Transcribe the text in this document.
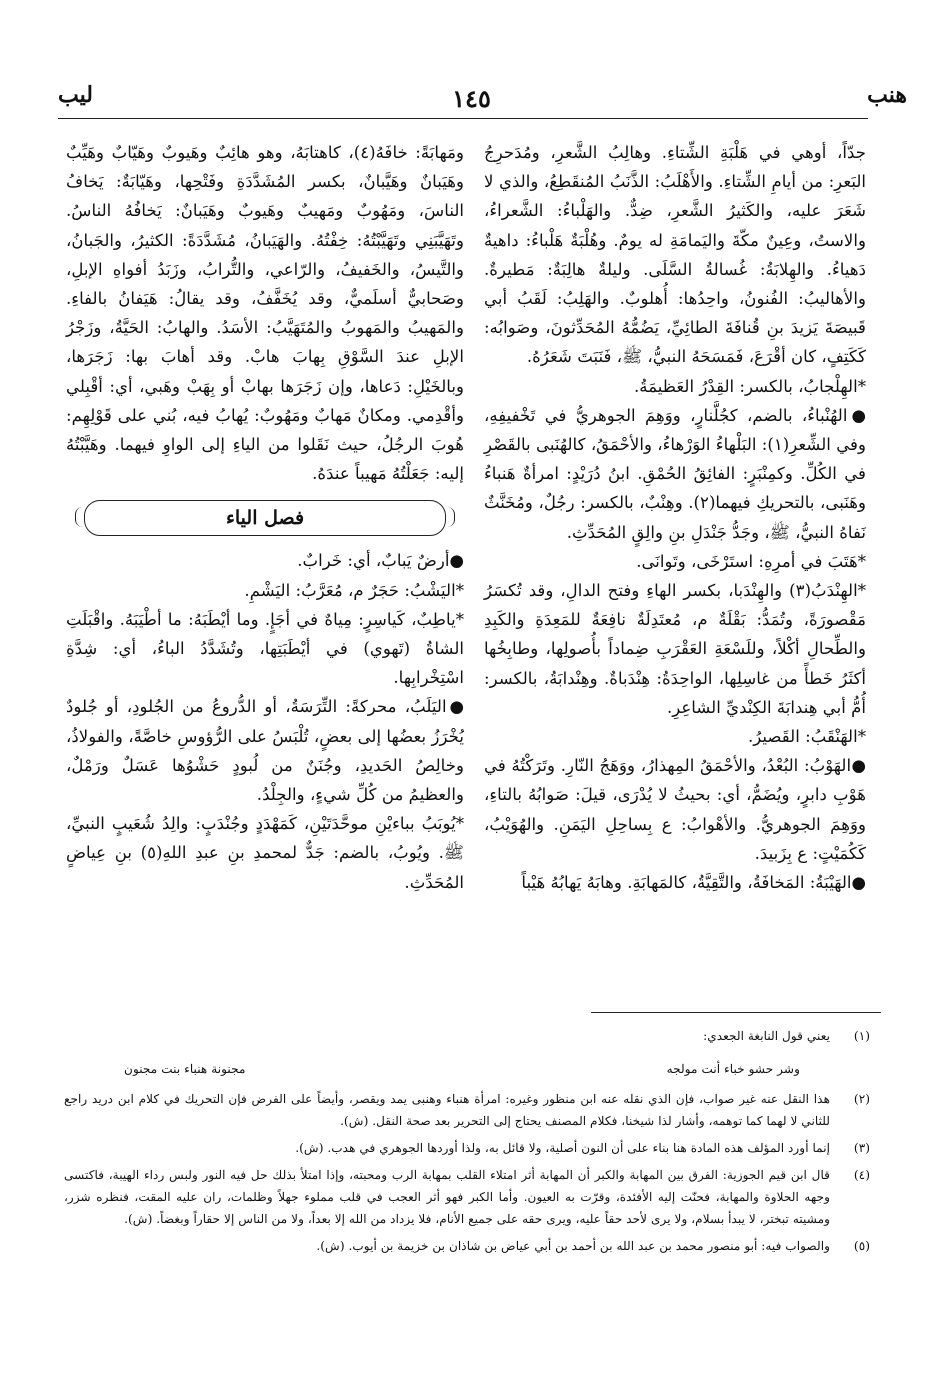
هنب
١٤٥
ليب

جدّاً، أوهي في هَلْبَةِ الشِّتاءِ. وهالِبُ الشَّعرِ، ومُدَحرِجُ البَعرِ: من أيامِ الشِّتاءِ. والأَهْلَبُ: الذَّنَبُ المُنقَطِعُ، والذي لا شَعَرَ عليه، والكَثيرُ الشَّعرِ، ضِدٌّ. والهَلْباءُ: الشَّعراءُ، والاستُ، وعِينٌ مكّةَ واليَمامَةِ له يومٌ. وهُلْبَةٌ هَلْباءُ: داهيةٌ دَهياءُ. والهِلابَةُ: غُسالةُ السَّلَى. وليلةٌ هالِبَةٌ: مَطيرةٌ. والأهاليبُ: الفُنونُ، واحِدُها: أُهلوبٌ. والهَلِبُ: لَقَبُ أبي قَبيصَةَ يَزيدَ بنِ قُنافَةَ الطائِيِّ، يَضُمُّهُ المُحَدِّثونَ، وصَوابُه: كَكَتِفٍ، كان أقْرَعَ، فَمَسَحَهُ النبيُّ، ﷺ، فَنَبَتَ شَعَرُهُ.

*الهِلْجابُ، بالكسر: القِدْرُ العَظيمَةُ.

●الهُنْباءُ، بالضم، كجُلَّنارٍ، ووَهِمَ الجوهريُّ في تَخْفيفِهِ، وفي الشِّعرِ(١): البَلْهاءُ الوَرْهاءُ، والأحْمَقُ، كالهُنَبى بالقَصْرِ في الكُلِّ. وكمِنْبَرٍ: الفائِقُ الحُمْقِ. ابنُ دُرَيْدٍ: امرأةٌ هَنباءُ وهَنَبى، بالتحريكِ فيهما(٢). وهِنْبٌ، بالكسر: رجُلٌ، ومُخَنَّثٌ نَفاهُ النبيُّ، ﷺ، وجَدُّ جَنْدَلِ بنِ والِقٍ المُحَدِّثِ.

*هَتَبَ في أمرِهِ: استَرْخَى، وتَوانَى.

*الهِنْدَبُ(٣) والهِنْدَبا، بكسر الهاءِ وفتح الدالِ، وقد تُكسَرُ مَقْصورَةً، وتُمَدُّ: بَقْلَةٌ م، مُعتَدِلَةٌ نافِعَةٌ للمَعِدَةِ والكَبِدِ والطِّحالِ أكْلاً، وللَسْعَةِ العَقْرَبِ ضِماداً بأُصولِها، وطابِخُها أكثَرُ خَطأً من غاسِلِها، الواحِدَةُ: هِنْدَباةٌ. وهِنْدابَةُ، بالكسر: أُمُّ أبي هِندابَةَ الكِنْديِّ الشاعِرِ.

*الهَنْقَبُ: القَصيرُ.

●الهَوْبُ: البُعْدُ، والأحْمَقُ المِهذارُ، ووَهَجُ النّارِ. وتَرَكْتُهُ في هَوْبِ دابرٍ، ويُضَمُّ، أي: بحيثُ لا يُدْرَى، قيلَ: صَوابُهُ بالتاءِ، ووَهِمَ الجوهريُّ. والأهْوابُ: ع بِساحِلِ اليَمَنِ. والهُوَيْبُ، كَكُمَيْتٍ: ع بِزَبيدَ.

●الهَيْبَةُ: المَخافَةُ، والتَّقِيَّةُ، كالمَهابَةِ. وهابَهُ يَهابُهُ هَيْباً

ومَهابَةً: خافَهُ(٤)، كاهتابَهُ، وهو هائِبٌ وهَيوبٌ وهَيّابٌ وهَيِّبٌ وهَيَبانٌ وهَيَّبانٌ، بكسر المُشَدَّدَةِ وفَتْحِها، وهَيّابَةٌ: يَخافُ الناسَ، ومَهُوبٌ ومَهيبٌ وهَيوبٌ وهَيَبانٌ: يَخافُهُ الناسُ. وتَهَيَّبَنِي وتَهَيَّبْتُهُ: خِفْتُهُ. والهَيَبانُ، مُشَدَّدَةً: الكثيرُ، والجَبانُ، والتَّيسُ، والخَفيفُ، والرّاعي، والتُّرابُ، وزَبَدُ أفواهِ الإبلِ، وصَحابيٌّ أسلَميٌّ، وقد يُخَفَّفُ، وقد يقالُ: هَيَفانُ بالفاءِ. والمَهيبُ والمَهوبُ والمُتَهَيَّبُ: الأسَدُ. والهابُ: الحَيَّةُ، وزَجْرُ الإبلِ عندَ السَّوْقِ بِهابَ هابْ. وقد أهابَ بها: زَجَرَها، وبالخَيْلِ: دَعاها، وإن زَجَرَها بهابْ أو بِهَبْ وهَبي، أي: أقْبِلي وأقْدِمي. ومكانٌ مَهابٌ ومَهُوبٌ: يُهابُ فيه، بُني على قَوْلِهِم: هُوبَ الرجُلُ، حيث نَقَلوا من الياءِ إلى الواوِ فيهما. وهَيَّبْتُهُ إليه: جَعَلْتُهُ مَهيباً عندَهُ.

فصل الياء

●أرضٌ يَبابٌ، أي: خَرابٌ.

*اليَشْبُ: حَجَرٌ م، مُعَرَّبُ: اليَشْمِ.

*ياطِبٌ، كَياسِرٍ: مِياهٌ في أجَإٍ. وما أيْطَبَهُ: ما أطْيَبَهُ. واقْبَلَتِ الشاةُ (تَهوي) في أيْطَبَتِها، وتُشَدَّدُ الباءُ، أي: شِدَّةِ اسْتِخْرابِها.

●اليَلَبُ، محركةً: التِّرَسَةُ، أو الدُّروعُ من الجُلودِ، أو جُلودٌ يُخْرَزُ بعضُها إلى بعضٍ، تُلْبَسُ على الرُّؤوسِ خاصَّةً، والفولاذُ، وخالِصُ الحَديدِ، وجُنَنٌ من لُبودٍ حَشْوُها عَسَلٌ ورَمْلٌ، والعظيمُ من كُلِّ شيءٍ، والجِلْدُ.

*يُوبَبُ بباءيْنِ موحَّدَتَيْنِ، كَمَهْدَدٍ وجُنْدَبٍ: والِدُ شُعَيبٍ النبيِّ، ﷺ. ويُوبُ، بالضم: جَدٌّ لمحمدِ بنِ عبدِ اللهِ(٥) بنِ عِياضٍ المُحَدِّثِ.

(١)
يعني قول النابغة الجعدي:
وشر حشو خباء أنت مولجه
مجنونة هنباء بنت مجنون
(٢)
هذا النقل عنه غير صواب، فإن الذي نقله عنه ابن منظور وغيره: امرأة هنباء وهنبى يمد ويقصر، وأيضاً على الفرض فإن التحريك في كلام ابن دريد راجع للثاني لا لهما كما توهمه، وأشار لذا شيخنا، فكلام المصنف يحتاج إلى التحرير بعد صحة النقل. (ش).
(٣)
إنما أورد المؤلف هذه المادة هنا بناء على أن النون أصلية، ولا قائل به، ولذا أوردها الجوهري في هدب. (ش).
(٤)
قال ابن قيم الجوزية: الفرق بين المهابة والكبر أن المهابة أثر امتلاء القلب بمهابة الرب ومحبته، وإذا امتلأ بذلك حل فيه النور ولبس رداء الهيبة، فاكتسى وجهه الحلاوة والمهابة، فحنّت إليه الأفئدة، وقرّت به العيون. وأما الكبر فهو أثر العجب في قلب مملوء جهلاً وظلمات، ران عليه المقت، فنظره شزر، ومشيته تبختر، لا يبدأ بسلام، ولا يرى لأحد حقاً عليه، ويرى حقه على جميع الأنام، فلا يزداد من الله إلا بعداً، ولا من الناس إلا حقاراً وبغضاً. (ش).
(٥)
والصواب فيه: أبو منصور محمد بن عبد الله بن أحمد بن أبي عياض بن شاذان بن خزيمة بن أيوب. (ش).
